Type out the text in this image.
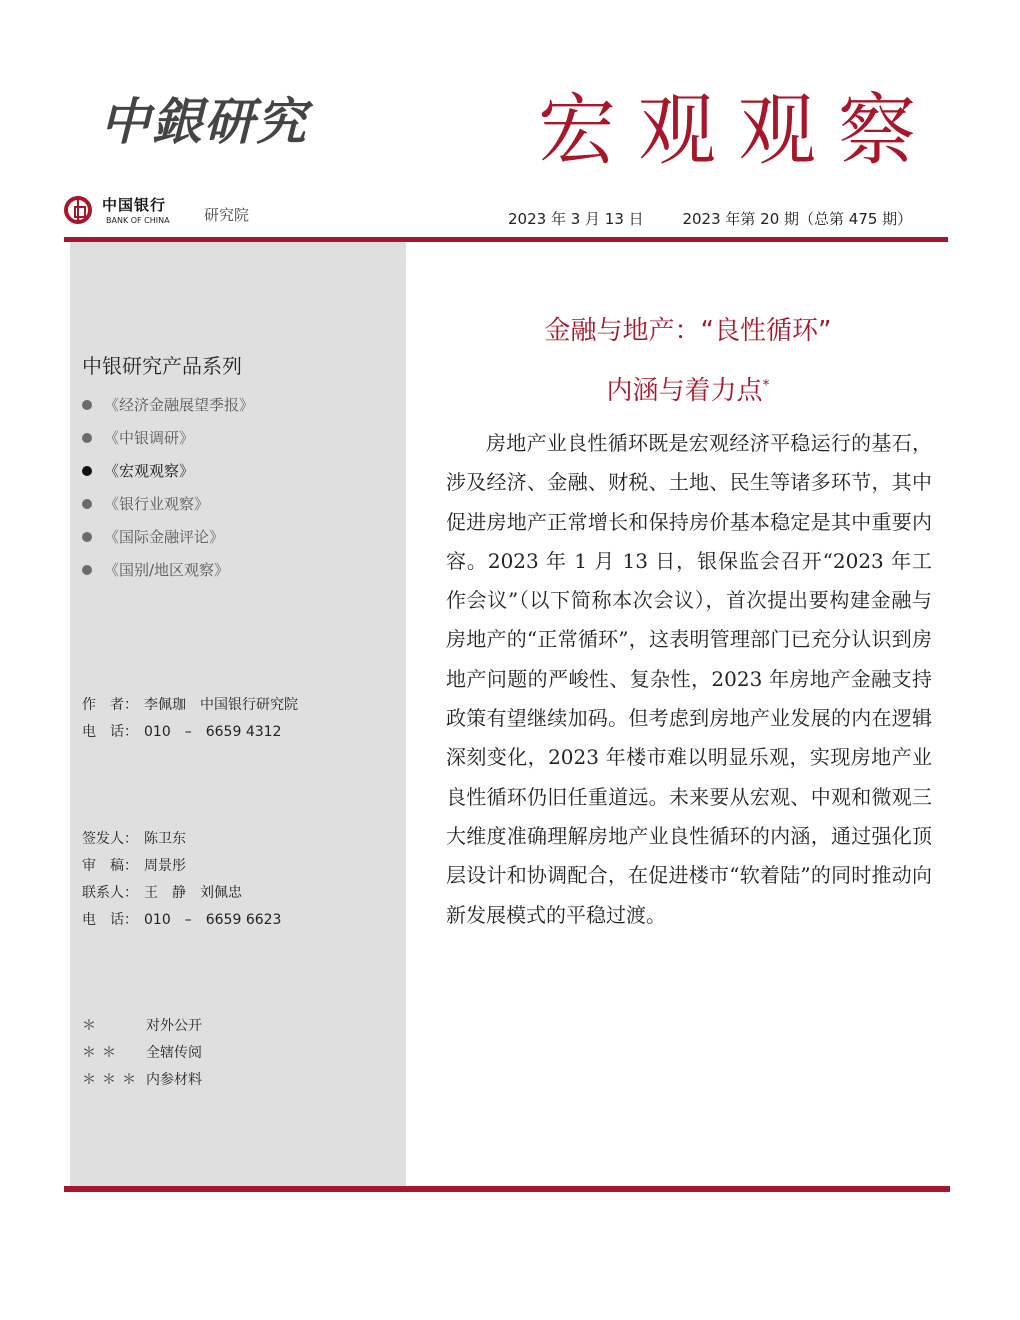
中銀研究	宏观观察
中国银行
BANK OF CHINA 研究院	2023 年 3 月 13 日	2023 年第 20 期（总第 475 期）
中银研究产品系列
《经济金融展望季报》
《中银调研》
《宏观观察》
《银行业观察》
《国际金融评论》
《国别/地区观察》
作　者： 李佩珈 中国银行研究院
电　话： 010　– 6659 4312
签发人： 陈卫东
审　稿： 周景彤
联系人： 王　静 刘佩忠
电　话： 010　– 6659 6623
＊	对外公开
＊＊ 全辖传阅
＊＊＊ 内参材料
金融与地产：“良性循环”
内涵与着力点*

房地产业良性循环既是宏观经济平稳运行的基石，涉及经济、金融、财税、土地、民生等诸多环节，其中促进房地产正常增长和保持房价基本稳定是其中重要内容。2023 年 1 月 13 日，银保监会召开“2023 年工作会议”（以下简称本次会议），首次提出要构建金融与房地产的“正常循环”，这表明管理部门已充分认识到房地产问题的严峻性、复杂性，2023 年房地产金融支持政策有望继续加码。但考虑到房地产业发展的内在逻辑深刻变化，2023 年楼市难以明显乐观，实现房地产业良性循环仍旧任重道远。未来要从宏观、中观和微观三大维度准确理解房地产业良性循环的内涵，通过强化顶层设计和协调配合，在促进楼市“软着陆”的同时推动向新发展模式的平稳过渡。
